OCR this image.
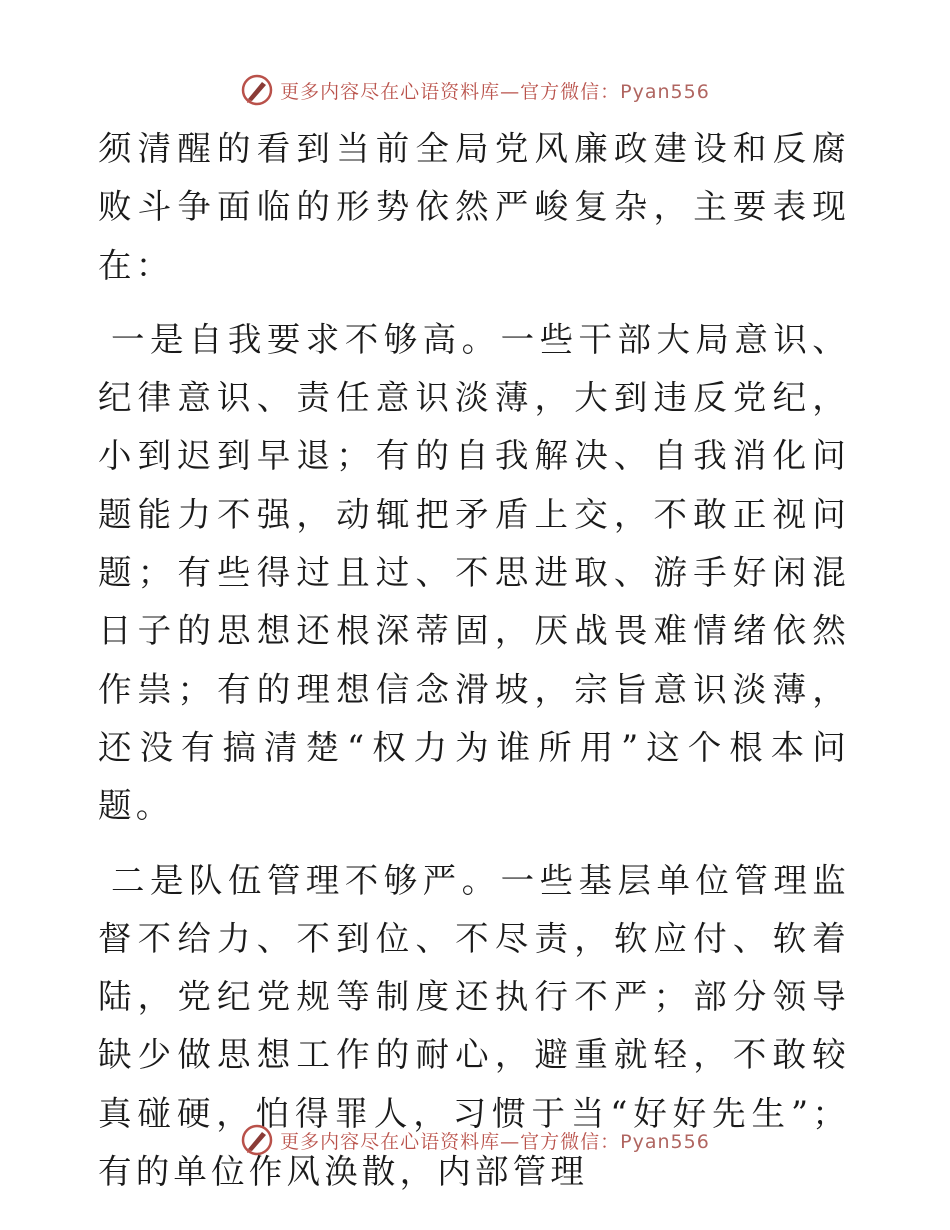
更多内容尽在心语资料库—官方微信：Pyan556

须清醒的看到当前全局党风廉政建设和反腐败斗争面临的形势依然严峻复杂，主要表现在：

一是自我要求不够高。一些干部大局意识、纪律意识、责任意识淡薄，大到违反党纪，小到迟到早退；有的自我解决、自我消化问题能力不强，动辄把矛盾上交，不敢正视问题；有些得过且过、不思进取、游手好闲混日子的思想还根深蒂固，厌战畏难情绪依然作祟；有的理想信念滑坡，宗旨意识淡薄，还没有搞清楚“权力为谁所用”这个根本问题。

二是队伍管理不够严。一些基层单位管理监督不给力、不到位、不尽责，软应付、软着陆，党纪党规等制度还执行不严；部分领导缺少做思想工作的耐心，避重就轻，不敢较真碰硬，怕得罪人，习惯于当“好好先生”；有的单位作风涣散，内部管理

更多内容尽在心语资料库—官方微信：Pyan556
